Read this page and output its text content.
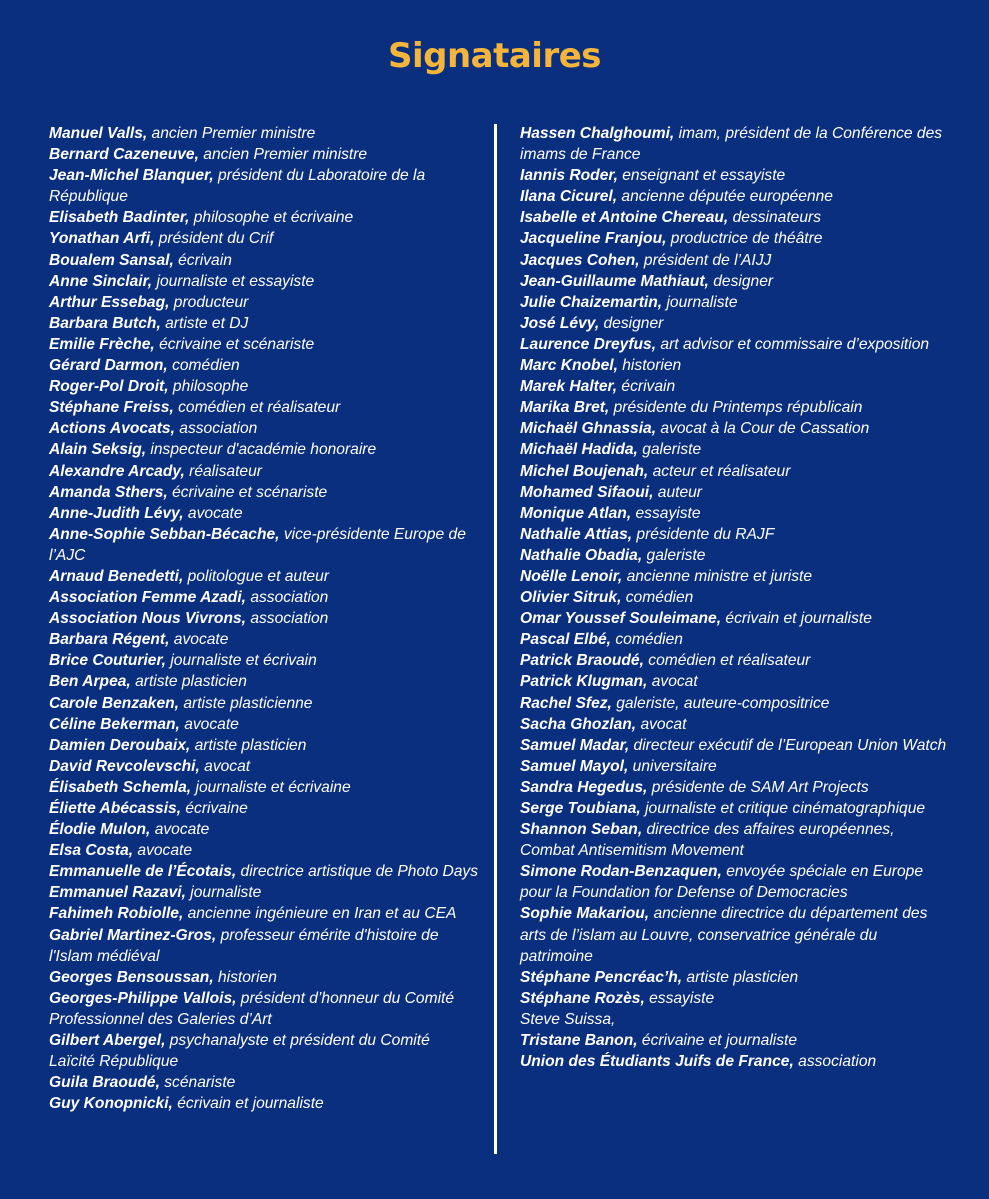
Signataires

Manuel Valls, ancien Premier ministre

Bernard Cazeneuve, ancien Premier ministre

Jean-Michel Blanquer, président du Laboratoire de la République

Elisabeth Badinter, philosophe et écrivaine

Yonathan Arfi, président du Crif

Boualem Sansal, écrivain

Anne Sinclair, journaliste et essayiste

Arthur Essebag, producteur

Barbara Butch, artiste et DJ

Emilie Frèche, écrivaine et scénariste

Gérard Darmon, comédien

Roger-Pol Droit, philosophe

Stéphane Freiss, comédien et réalisateur

Actions Avocats, association

Alain Seksig, inspecteur d'académie honoraire

Alexandre Arcady, réalisateur

Amanda Sthers, écrivaine et scénariste

Anne-Judith Lévy, avocate

Anne-Sophie Sebban-Bécache, vice-présidente Europe de l’AJC

Arnaud Benedetti, politologue et auteur

Association Femme Azadi, association

Association Nous Vivrons, association

Barbara Régent, avocate

Brice Couturier, journaliste et écrivain

Ben Arpea, artiste plasticien

Carole Benzaken, artiste plasticienne

Céline Bekerman, avocate

Damien Deroubaix, artiste plasticien

David Revcolevschi, avocat

Élisabeth Schemla, journaliste et écrivaine

Éliette Abécassis, écrivaine

Élodie Mulon, avocate

Elsa Costa, avocate

Emmanuelle de l’Écotais, directrice artistique de Photo Days

Emmanuel Razavi, journaliste

Fahimeh Robiolle, ancienne ingénieure en Iran et au CEA

Gabriel Martinez-Gros, professeur émérite d'histoire de l'Islam médiéval

Georges Bensoussan, historien

Georges-Philippe Vallois, président d’honneur du Comité Professionnel des Galeries d’Art

Gilbert Abergel, psychanalyste et président du Comité Laïcité République

Guila Braoudé, scénariste

Guy Konopnicki, écrivain et journaliste

Hassen Chalghoumi, imam, président de la Conférence des imams de France

Iannis Roder, enseignant et essayiste

Ilana Cicurel, ancienne députée européenne

Isabelle et Antoine Chereau, dessinateurs

Jacqueline Franjou, productrice de théâtre

Jacques Cohen, président de l’AIJJ

Jean-Guillaume Mathiaut, designer

Julie Chaizemartin, journaliste

José Lévy, designer

Laurence Dreyfus, art advisor et commissaire d’exposition

Marc Knobel, historien

Marek Halter, écrivain

Marika Bret, présidente du Printemps républicain

Michaël Ghnassia, avocat à la Cour de Cassation

Michaël Hadida, galeriste

Michel Boujenah, acteur et réalisateur

Mohamed Sifaoui, auteur

Monique Atlan, essayiste

Nathalie Attias, présidente du RAJF

Nathalie Obadia, galeriste

Noëlle Lenoir, ancienne ministre et juriste

Olivier Sitruk, comédien

Omar Youssef Souleimane, écrivain et journaliste

Pascal Elbé, comédien

Patrick Braoudé, comédien et réalisateur

Patrick Klugman, avocat

Rachel Sfez, galeriste, auteure-compositrice

Sacha Ghozlan, avocat

Samuel Madar, directeur exécutif de l’European Union Watch

Samuel Mayol, universitaire

Sandra Hegedus, présidente de SAM Art Projects

Serge Toubiana, journaliste et critique cinématographique

Shannon Seban, directrice des affaires européennes, Combat Antisemitism Movement

Simone Rodan-Benzaquen, envoyée spéciale en Europe pour la Foundation for Defense of Democracies

Sophie Makariou, ancienne directrice du département des arts de l’islam au Louvre, conservatrice générale du patrimoine

Stéphane Pencréac’h, artiste plasticien

Stéphane Rozès, essayiste

Steve Suissa,

Tristane Banon, écrivaine et journaliste

Union des Étudiants Juifs de France, association
